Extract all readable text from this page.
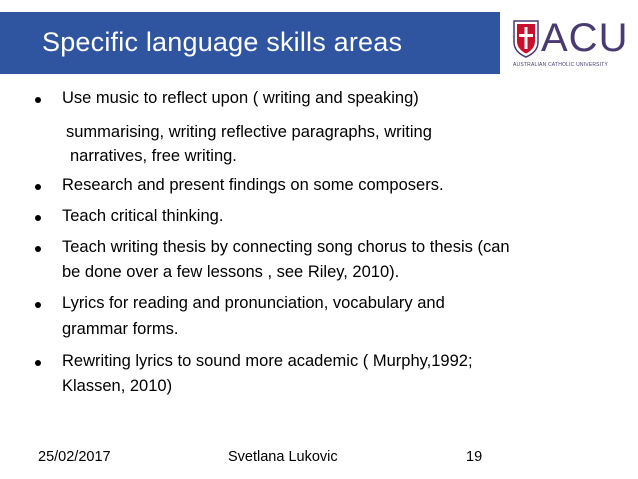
Specific language skills areas	ACU
AUSTRALIAN CATHOLIC UNIVERSITY
Use music to reflect upon ( writing and speaking)
summarising, writing reflective paragraphs, writing
narratives, free writing.
Research and present findings on some composers.
Teach critical thinking.
Teach writing thesis by connecting song chorus to thesis (can
be done over a few lessons , see Riley, 2010).
Lyrics for reading and pronunciation, vocabulary and
grammar forms.
Rewriting lyrics to sound more academic ( Murphy,1992;
Klassen, 2010)
25/02/2017	Svetlana Lukovic	19
